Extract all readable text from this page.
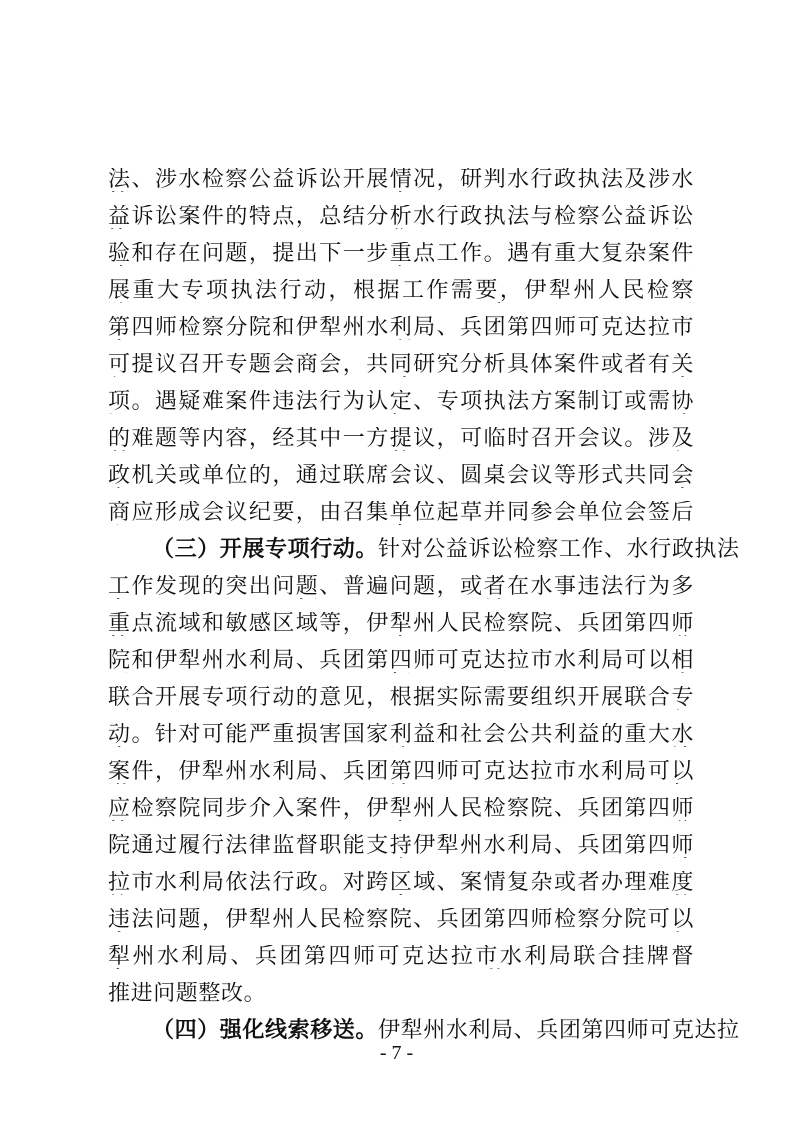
法、涉水检察公益诉讼开展情况，研判水行政执法及涉水
益诉讼案件的特点，总结分析水行政执法与检察公益诉讼
验和存在问题，提出下一步重点工作。遇有重大复杂案件
展重大专项执法行动，根据工作需要，伊犁州人民检察
第四师检察分院和伊犁州水利局、兵团第四师可克达拉市
可提议召开专题会商会，共同研究分析具体案件或者有关
项。遇疑难案件违法行为认定、专项执法方案制订或需协
的难题等内容，经其中一方提议，可临时召开会议。涉及
政机关或单位的，通过联席会议、圆桌会议等形式共同会
商应形成会议纪要，由召集单位起草并同参会单位会签后
（三）开展专项行动。针对公益诉讼检察工作、水行政执法
工作发现的突出问题、普遍问题，或者在水事违法行为多
重点流域和敏感区域等，伊犁州人民检察院、兵团第四师
院和伊犁州水利局、兵团第四师可克达拉市水利局可以相
联合开展专项行动的意见，根据实际需要组织开展联合专
动。针对可能严重损害国家利益和社会公共利益的重大水
案件，伊犁州水利局、兵团第四师可克达拉市水利局可以
应检察院同步介入案件，伊犁州人民检察院、兵团第四师
院通过履行法律监督职能支持伊犁州水利局、兵团第四师
拉市水利局依法行政。对跨区域、案情复杂或者办理难度
违法问题，伊犁州人民检察院、兵团第四师检察分院可以
犁州水利局、兵团第四师可克达拉市水利局联合挂牌督
推进问题整改。
（四）强化线索移送。伊犁州水利局、兵团第四师可克达拉
- 7 -
